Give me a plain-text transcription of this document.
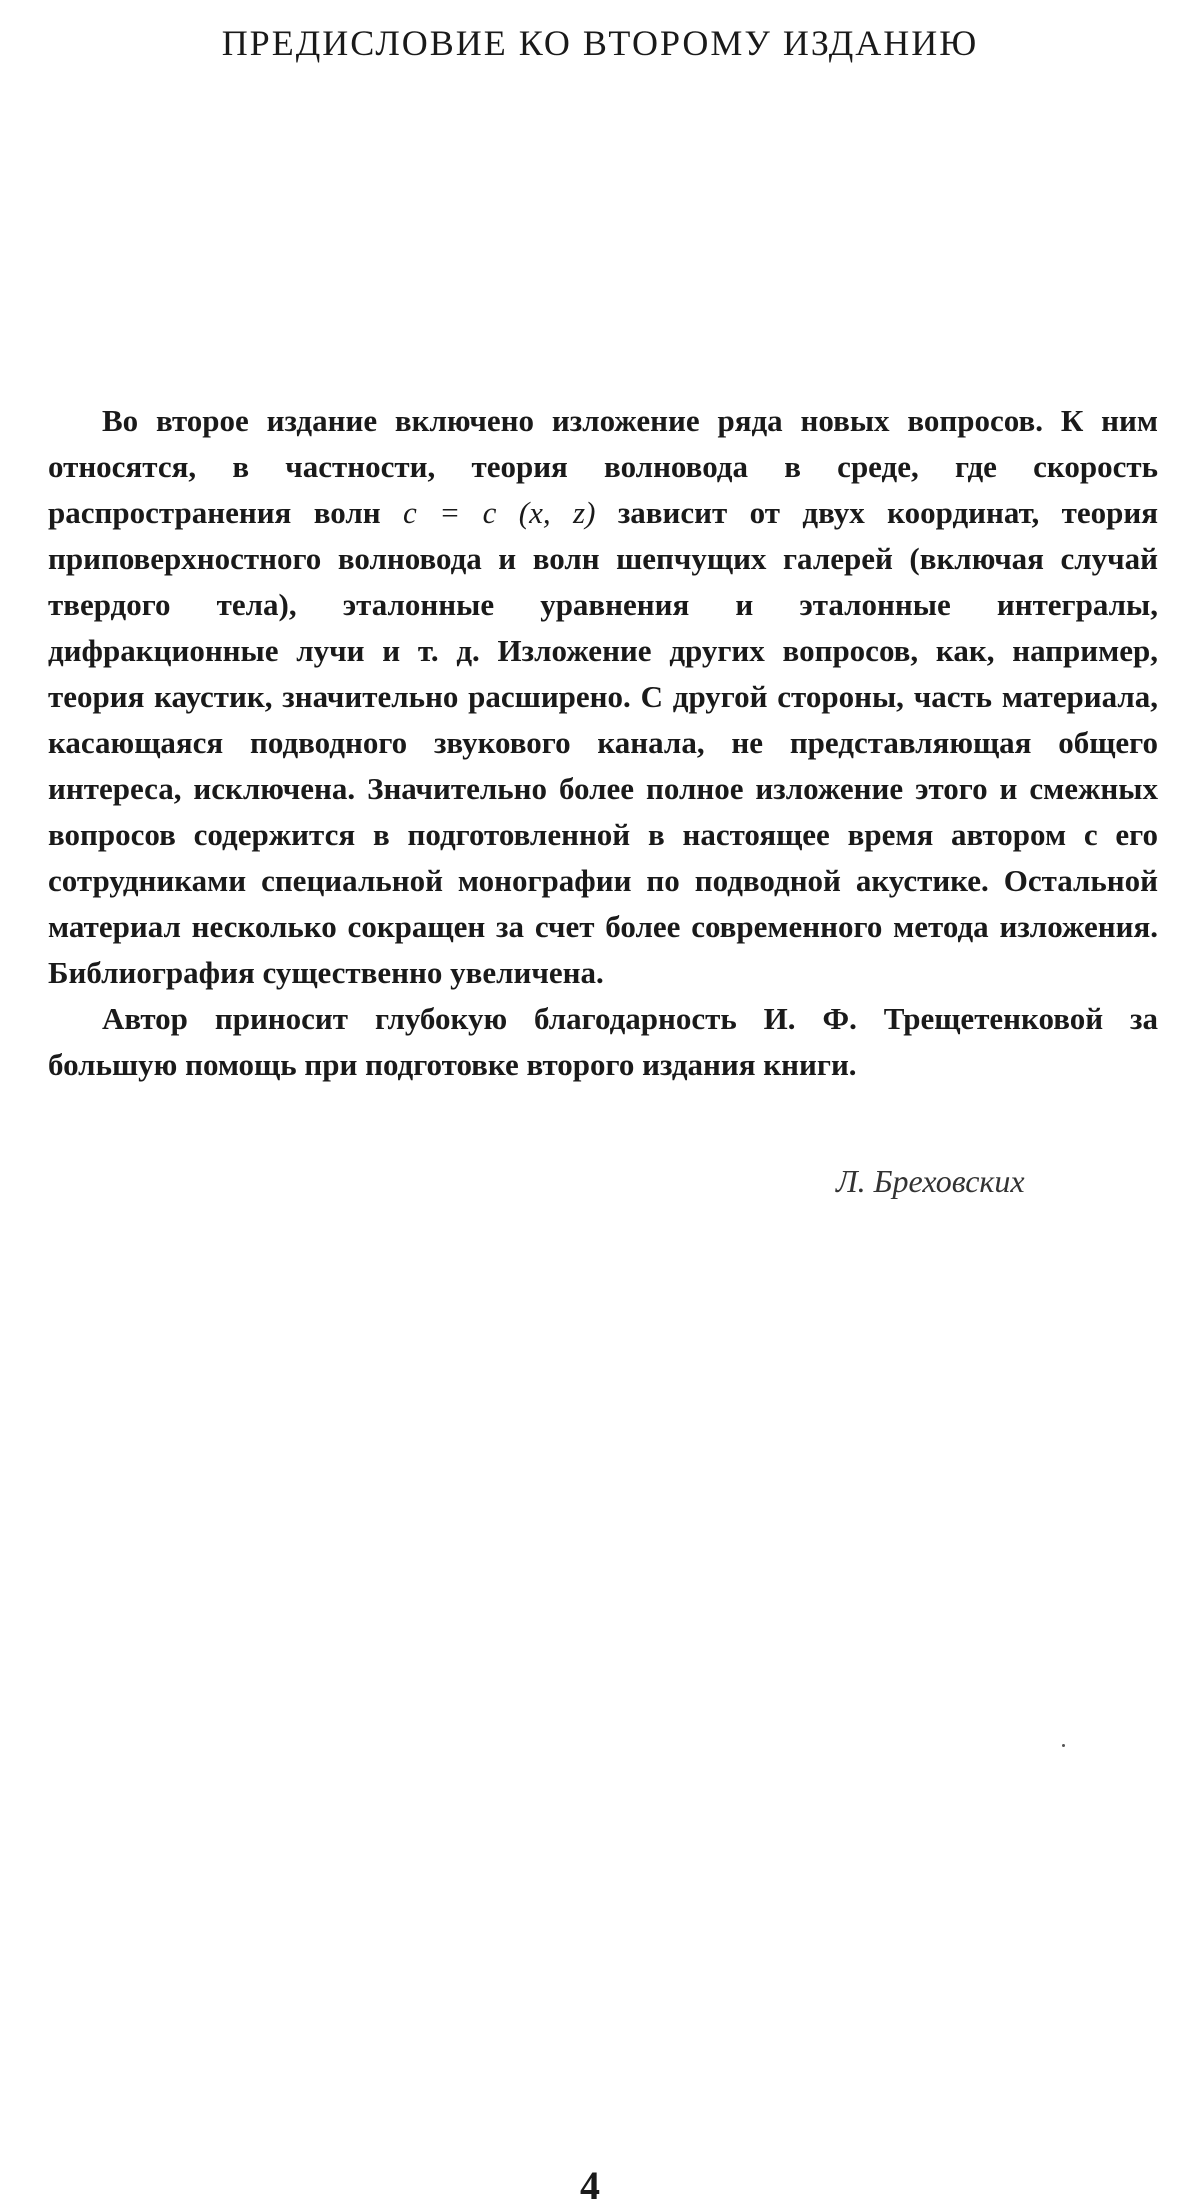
ПРЕДИСЛОВИЕ КО ВТОРОМУ ИЗДАНИЮ

Во второе издание включено изложение ряда новых вопросов. К ним относятся, в частности, теория волновода в среде, где скорость распространения волн c = c (x, z) зависит от двух координат, теория приповерхностного волновода и волн шепчущих галерей (включая случай твердого тела), эталонные уравнения и эталонные интегралы, дифракционные лучи и т. д. Изложение других вопросов, как, например, теория каустик, значительно расширено. С другой стороны, часть материала, касающаяся подводного звукового канала, не представляющая общего интереса, исключена. Значительно более полное изложение этого и смежных вопросов содержится в подготовленной в настоящее время автором с его сотрудниками специальной монографии по подводной акустике. Остальной материал несколько сокращен за счет более современного метода изложения. Библиография существенно увеличена.

Автор приносит глубокую благодарность И. Ф. Трещетенковой за большую помощь при подготовке второго издания книги.

Л. Бреховских
4
